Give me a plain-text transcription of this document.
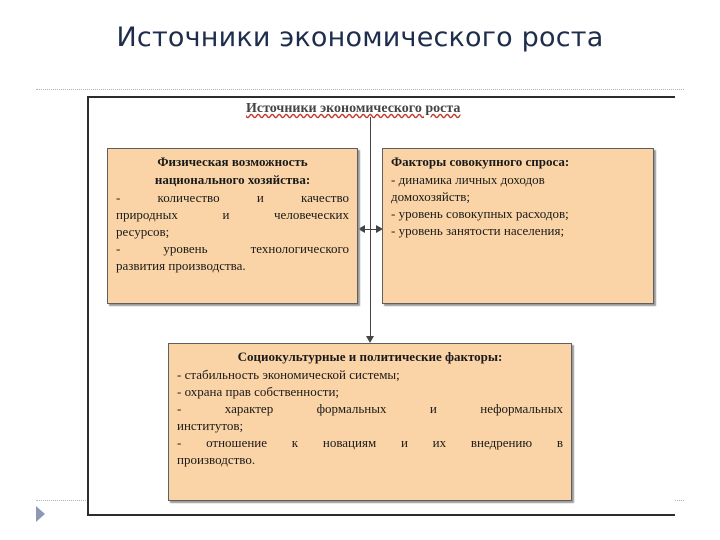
Источники экономического роста
Источники экономического роста
Физическая возможность
национального хозяйства:
- количество и качество
природных и человеческих
ресурсов;
- уровень технологического
развития производства.
Факторы совокупного спроса:
- динамика личных доходов
домохозяйств;
- уровень совокупных расходов;
- уровень занятости населения;
Социокультурные и политические факторы:
- стабильность экономической системы;
- охрана прав собственности;
- характер формальных и неформальных
институтов;
- отношение к новациям и их внедрению в
производство.
